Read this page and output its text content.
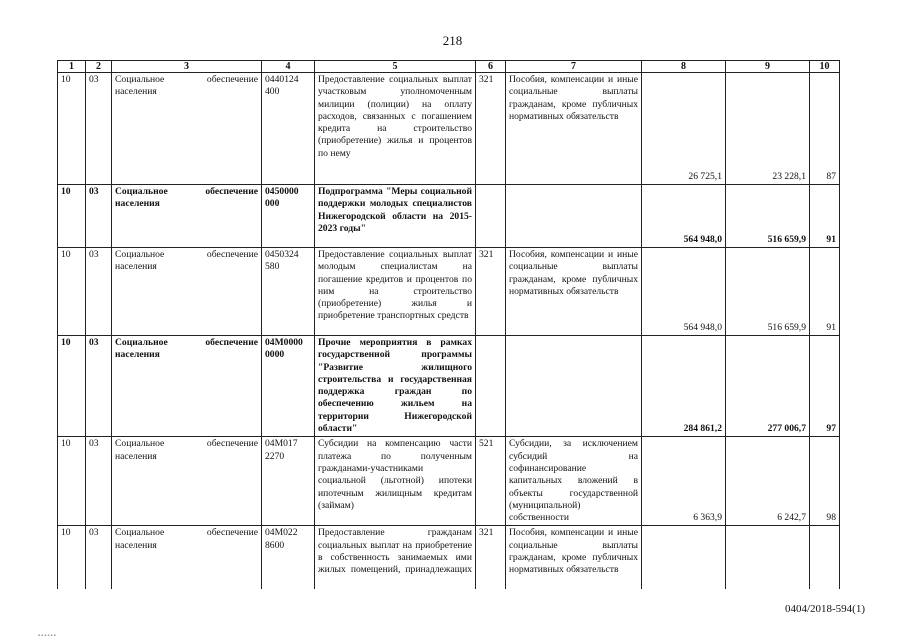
218
1	2	3	4	5	6	7	8	9	10
10	03	Социальное обеспечение населения	0440124 400	Предоставление социальных выплат участковым уполномоченным милиции (полиции) на оплату расходов, связанных с погашением кредита на строительство (приобретение) жилья и процентов по нему	321	Пособия, компенсации и иные социальные выплаты гражданам, кроме публичных нормативных обязательств	26 725,1	23 228,1	87
10	03	Социальное обеспечение населения	0450000 000	Подпрограмма "Меры социальной поддержки молодых специалистов Нижегородской области на 2015-2023 годы"			564 948,0	516 659,9	91
10	03	Социальное обеспечение населения	0450324 580	Предоставление социальных выплат молодым специалистам на погашение кредитов и процентов по ним на строительство (приобретение) жилья и приобретение транспортных средств	321	Пособия, компенсации и иные социальные выплаты гражданам, кроме публичных нормативных обязательств	564 948,0	516 659,9	91
10	03	Социальное обеспечение населения	04М0000 0000	Прочие мероприятия в рамках государственной программы "Развитие жилищного строительства и государственная поддержка граждан по обеспечению жильем на территории Нижегородской области"			284 861,2	277 006,7	97
10	03	Социальное обеспечение населения	04М017 2270	Субсидии на компенсацию части платежа по полученным гражданами-участниками социальной (льготной) ипотеки ипотечным жилищным кредитам (займам)	521	Субсидии, за исключением субсидий на софинансирование капитальных вложений в объекты государственной (муниципальной) собственности	6 363,9	6 242,7	98
10	03	Социальное обеспечение населения	04М022 8600	Предоставление гражданам социальных выплат на приобретение в собственность занимаемых ими жилых помещений, принадлежащих	321	Пособия, компенсации и иные социальные выплаты гражданам, кроме публичных нормативных обязательств			
0404/2018-594(1)
▪▪▪▪▪▪
